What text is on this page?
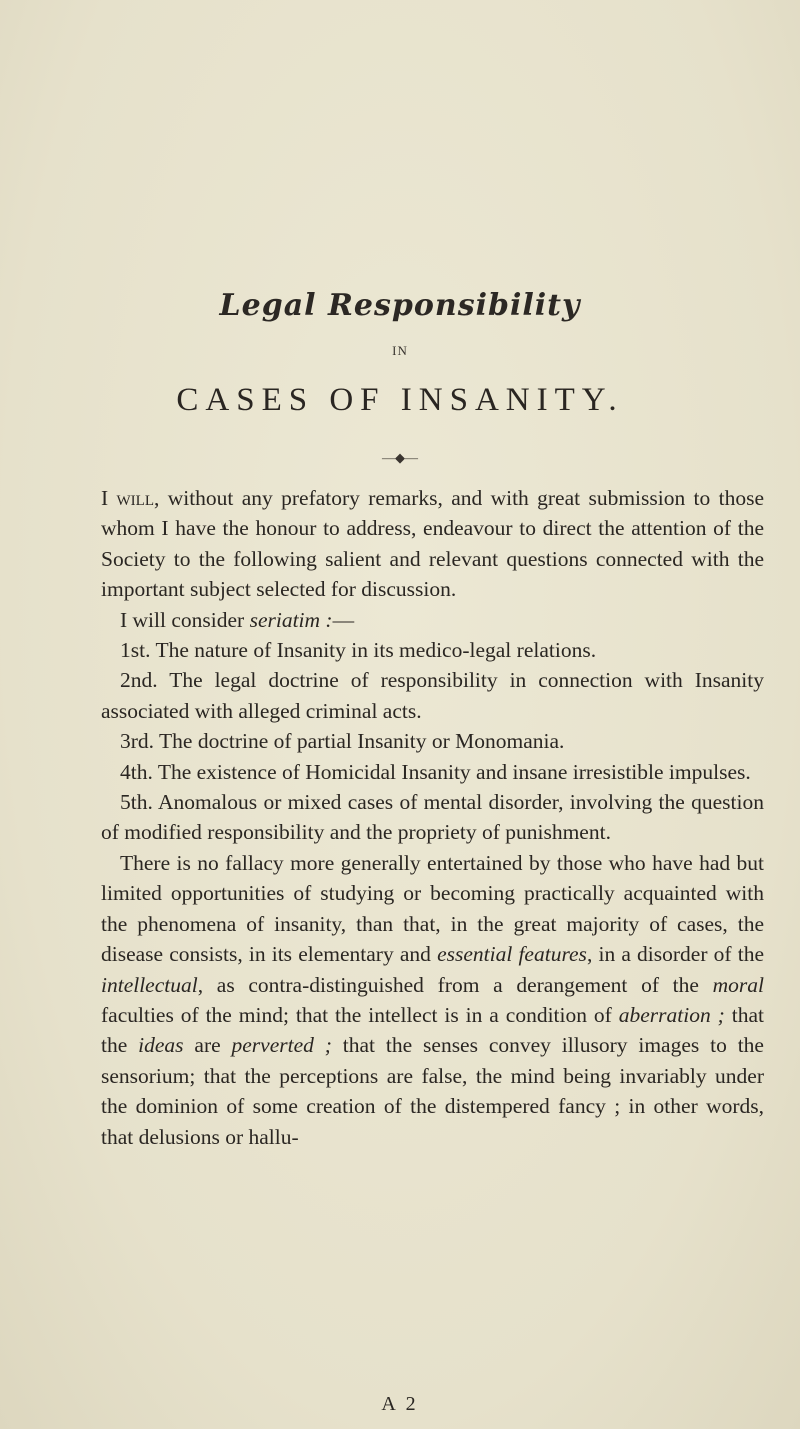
Legal Responsibility
IN
CASES OF INSANITY.
—◆—

I will, without any prefatory remarks, and with great submission to those whom I have the honour to address, endeavour to direct the attention of the Society to the following salient and relevant questions connected with the important subject selected for discussion.

I will consider seriatim :—

1st. The nature of Insanity in its medico-legal relations.

2nd. The legal doctrine of responsibility in connection with Insanity associated with alleged criminal acts.

3rd. The doctrine of partial Insanity or Monomania.

4th. The existence of Homicidal Insanity and insane irresistible impulses.

5th. Anomalous or mixed cases of mental disorder, involving the question of modified responsibility and the propriety of punishment.

There is no fallacy more generally entertained by those who have had but limited opportunities of studying or becoming practically acquainted with the phenomena of insanity, than that, in the great majority of cases, the disease consists, in its elementary and essential features, in a disorder of the intellectual, as contra-distinguished from a derangement of the moral faculties of the mind; that the intellect is in a condition of aberration ; that the ideas are perverted ; that the senses convey illusory images to the sensorium; that the perceptions are false, the mind being invariably under the dominion of some creation of the distempered fancy ; in other words, that delusions or hallu-

A 2
